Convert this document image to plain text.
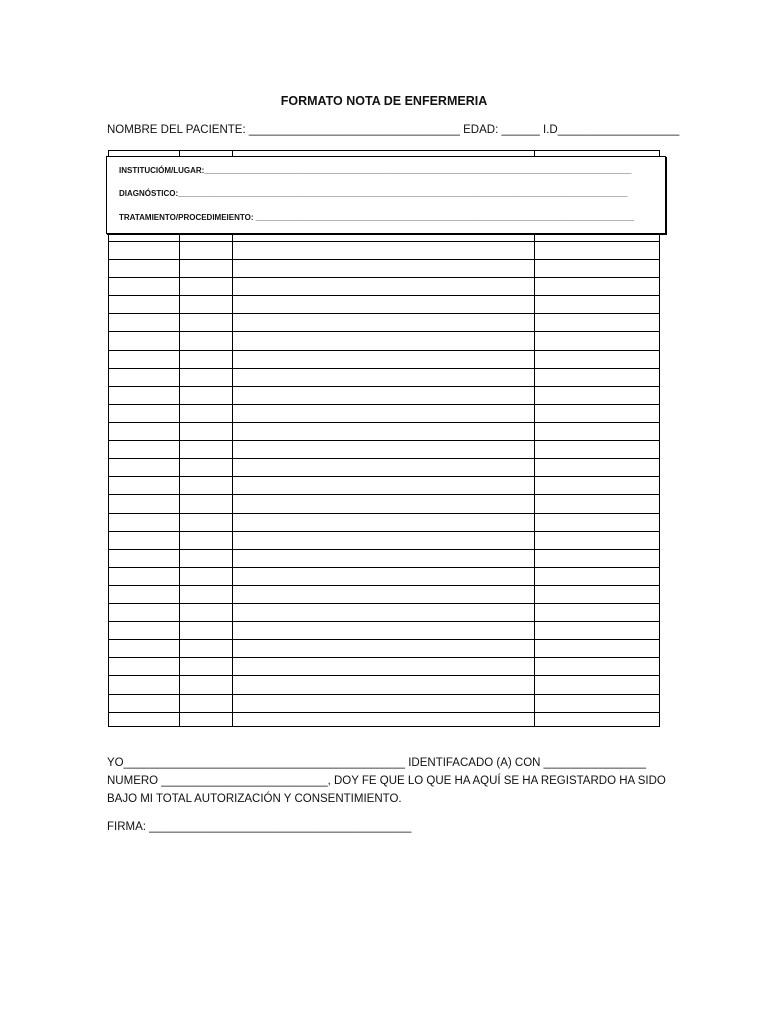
FORMATO NOTA DE ENFERMERIA
NOMBRE DEL PACIENTE: _________________________________ EDAD: ______ I.D___________________
INSTITUCIÓM/LUGAR:________________________________________________________________________________________________
DIAGNÓSTICO:_____________________________________________________________________________________________________
TRATAMIENTO/PROCEDIMEIENTO: _____________________________________________________________________________________
YO____________________________________________ IDENTIFACADO (A) CON ________________
NUMERO __________________________, DOY FE QUE LO QUE HA AQUÍ SE HA REGISTARDO HA SIDO
BAJO MI TOTAL AUTORIZACIÓN Y CONSENTIMIENTO.
FIRMA: _________________________________________
